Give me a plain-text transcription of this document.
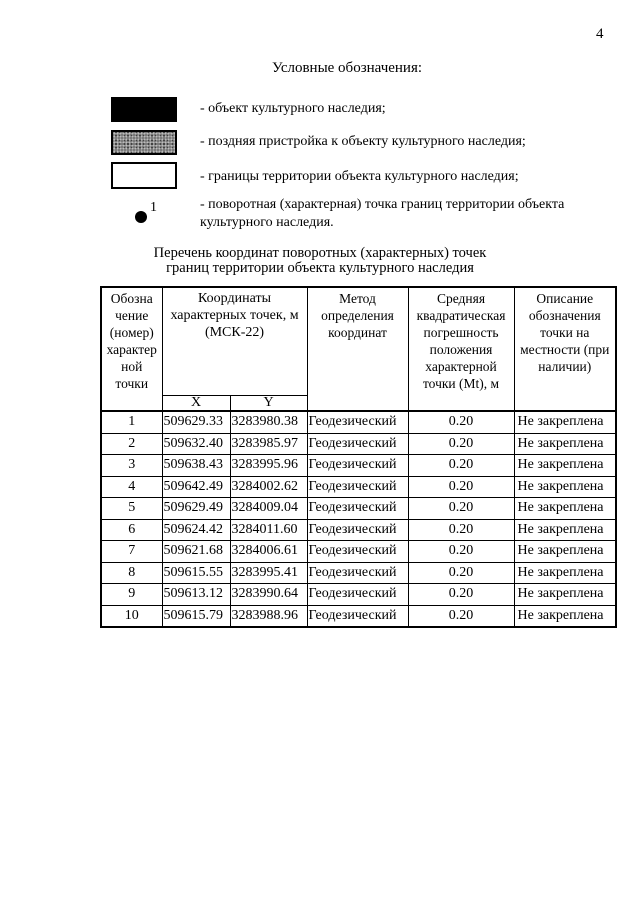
4
Условные обозначения:
- объект культурного наследия;
- поздняя пристройка к объекту культурного наследия;
- границы территории объекта культурного наследия;
1	- поворотная (характерная) точка границ территории объекта культурного наследия.
Перечень координат поворотных (характерных) точек
границ территории объекта культурного наследия
Обозна чение (номер) характер ной точки	Координаты характерных точек, м (МСК-22)		Метод определения координат	Средняя квадратическая погрешность положения характерной точки (Mt), м	Описание обозначения точки на местности (при наличии)
	X	Y			
1	509629.33	3283980.38	Геодезический	0.20	Не закреплена
2	509632.40	3283985.97	Геодезический	0.20	Не закреплена
3	509638.43	3283995.96	Геодезический	0.20	Не закреплена
4	509642.49	3284002.62	Геодезический	0.20	Не закреплена
5	509629.49	3284009.04	Геодезический	0.20	Не закреплена
6	509624.42	3284011.60	Геодезический	0.20	Не закреплена
7	509621.68	3284006.61	Геодезический	0.20	Не закреплена
8	509615.55	3283995.41	Геодезический	0.20	Не закреплена
9	509613.12	3283990.64	Геодезический	0.20	Не закреплена
10	509615.79	3283988.96	Геодезический	0.20	Не закреплена
